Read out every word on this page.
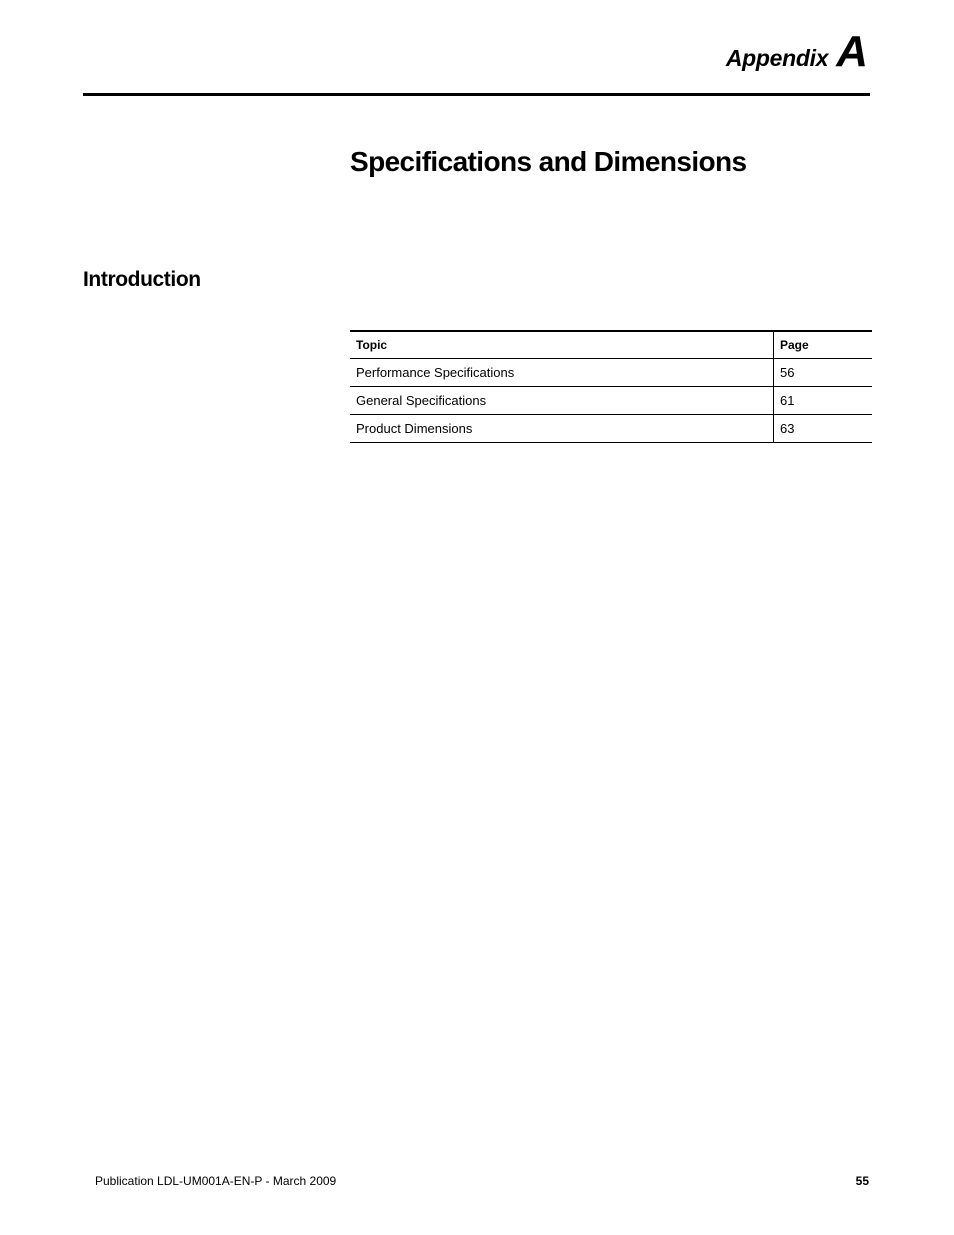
Appendix A
Specifications and Dimensions
Introduction
Topic	Page
Performance Specifications	56
General Specifications	61
Product Dimensions	63
Publication LDL-UM001A-EN-P - March 2009	55
